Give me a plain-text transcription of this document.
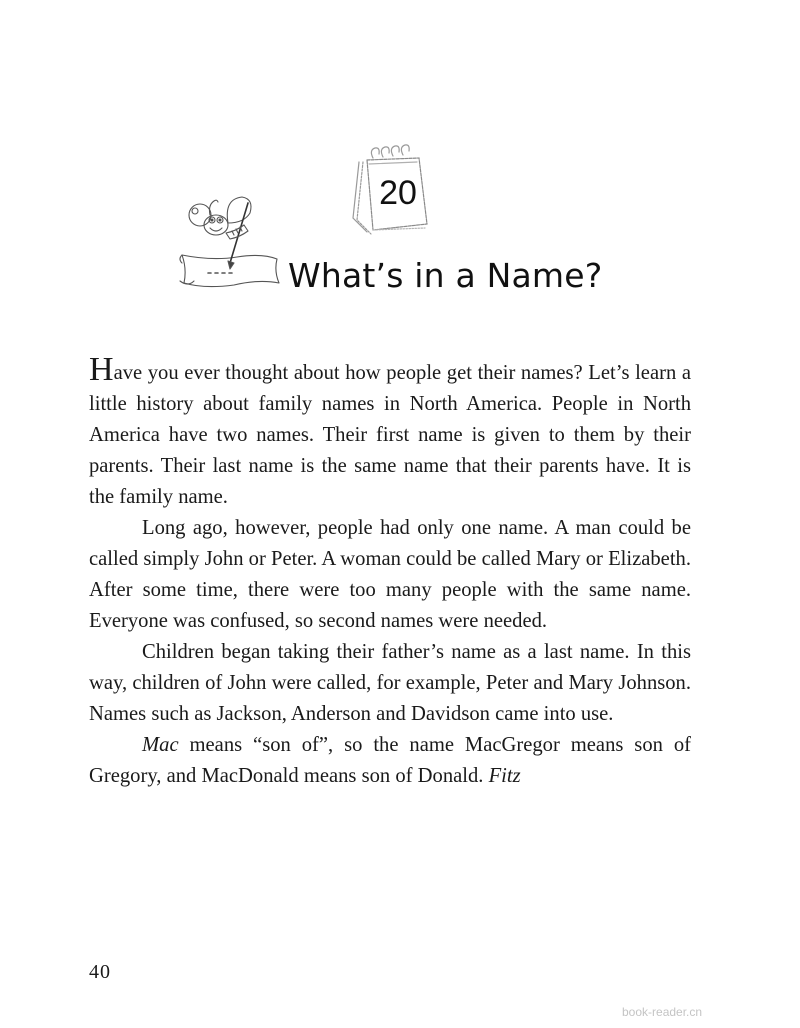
20
What’s in a Name?

Have you ever thought about how people get their names? Let’s learn a little history about family names in North America. People in North America have two names. Their first name is given to them by their parents. Their last name is the same name that their parents have. It is the family name.

Long ago, however, people had only one name. A man could be called simply John or Peter. A woman could be called Mary or Elizabeth. After some time, there were too many people with the same name. Everyone was confused, so second names were needed.

Children began taking their father’s name as a last name. In this way, children of John were called, for example, Peter and Mary Johnson. Names such as Jackson, Anderson and Davidson came into use.

Mac means “son of”, so the name MacGregor means son of Gregory, and MacDonald means son of Donald. Fitz

40
book-reader.cn
